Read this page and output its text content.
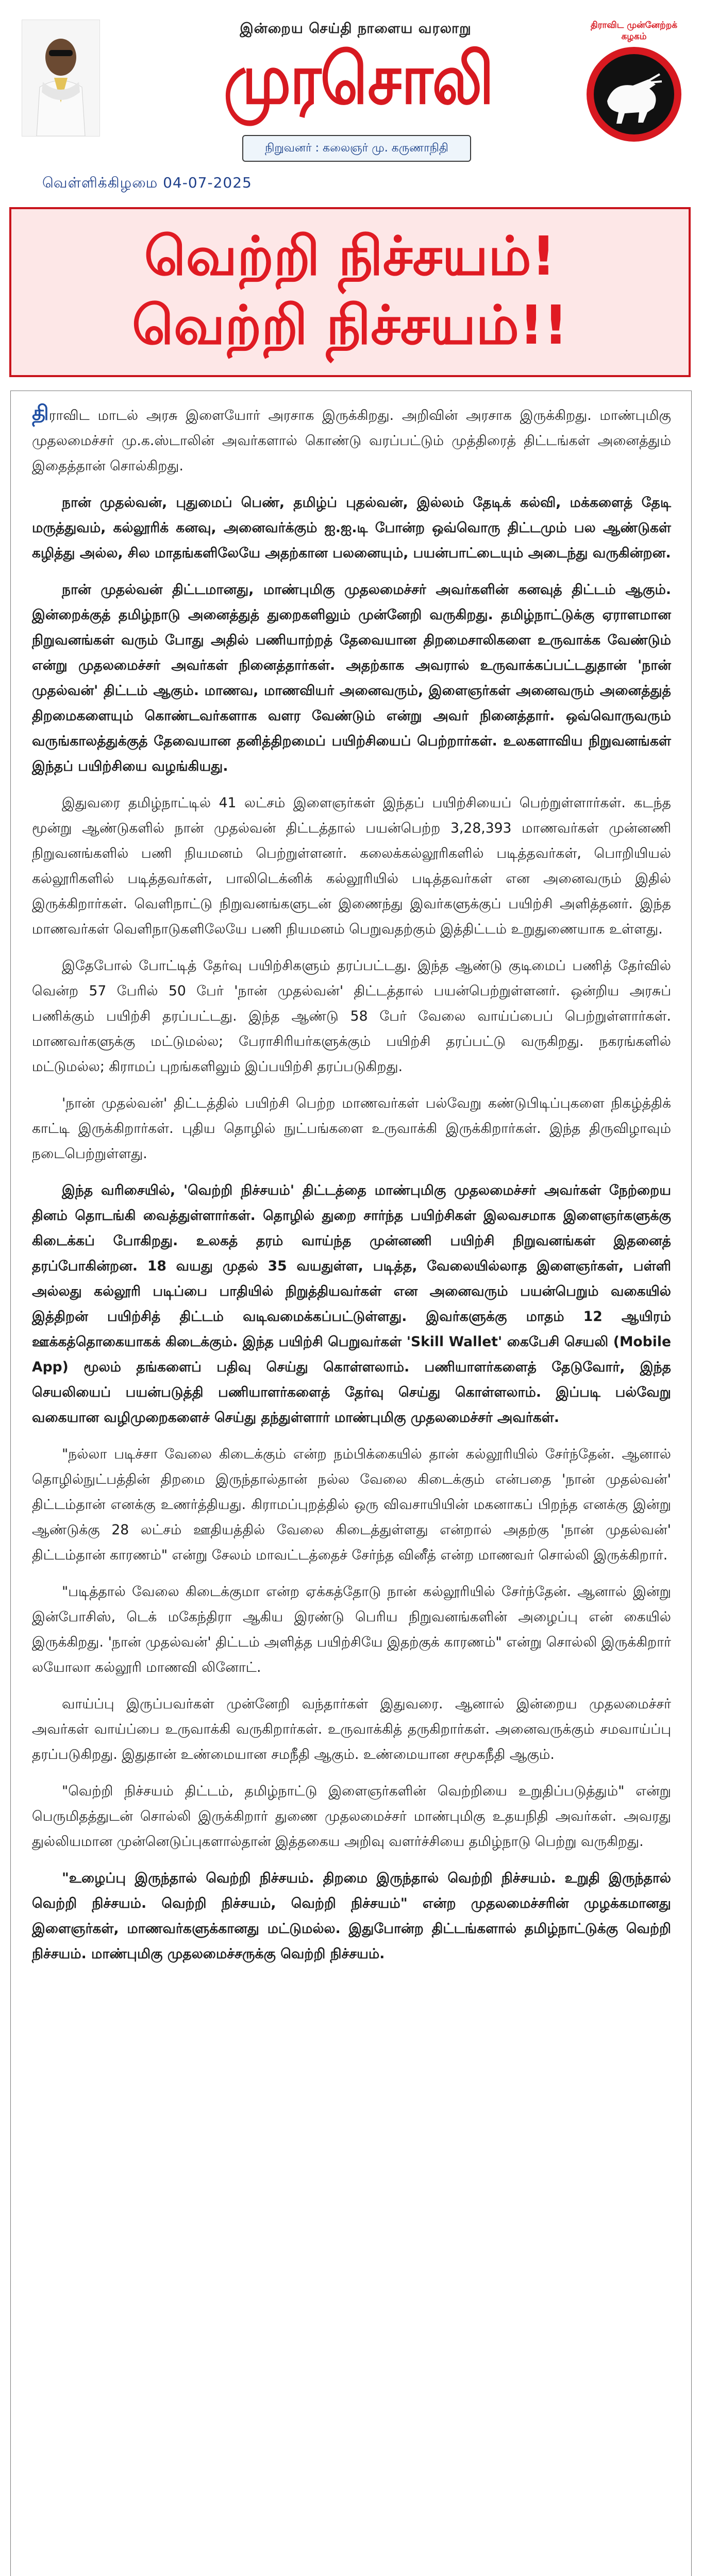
இன்றைய செய்தி நாளைய வரலாறு
முரசொலி
நிறுவனர் : கலைஞர் மு. கருணாநிதி
திராவிட முன்னேற்றக் கழகம்
வெள்ளிக்கிழமை 04-07-2025
வெற்றி நிச்சயம்!
வெற்றி நிச்சயம்!!

திராவிட மாடல் அரசு இளையோர் அரசாக இருக்கிறது. அறிவின் அரசாக இருக்கிறது. மாண்புமிகு முதலமைச்சர் மு.க.ஸ்டாலின் அவர்களால் கொண்டு வரப்பட்டும் முத்திரைத் திட்டங்கள் அனைத்தும் இதைத்தான் சொல்கிறது.

நான் முதல்வன், புதுமைப் பெண், தமிழ்ப் புதல்வன், இல்லம் தேடிக் கல்வி, மக்களைத் தேடி மருத்துவம், கல்லூரிக் கனவு, அனைவர்க்கும் ஐ.ஐ.டி போன்ற ஒவ்வொரு திட்டமும் பல ஆண்டுகள் கழித்து அல்ல, சில மாதங்களிலேயே அதற்கான பலனையும், பயன்பாட்டையும் அடைந்து வருகின்றன.

நான் முதல்வன் திட்டமானது, மாண்புமிகு முதலமைச்சர் அவர்களின் கனவுத் திட்டம் ஆகும். இன்றைக்குத் தமிழ்நாடு அனைத்துத் துறைகளிலும் முன்னேறி வருகிறது. தமிழ்நாட்டுக்கு ஏராளமான நிறுவனங்கள் வரும் போது அதில் பணியாற்றத் தேவையான திறமைசாலிகளை உருவாக்க வேண்டும் என்று முதலமைச்சர் அவர்கள் நினைத்தார்கள். அதற்காக அவரால் உருவாக்கப்பட்டதுதான் 'நான் முதல்வன்' திட்டம் ஆகும். மாணவ, மாணவியர் அனைவரும், இளைஞர்கள் அனைவரும் அனைத்துத் திறமைகளையும் கொண்டவர்களாக வளர வேண்டும் என்று அவர் நினைத்தார். ஒவ்வொருவரும் வருங்காலத்துக்குத் தேவையான தனித்திறமைப் பயிற்சியைப் பெற்றார்கள். உலகளாவிய நிறுவனங்கள் இந்தப் பயிற்சியை வழங்கியது.

இதுவரை தமிழ்நாட்டில் 41 லட்சம் இளைஞர்கள் இந்தப் பயிற்சியைப் பெற்றுள்ளார்கள். கடந்த மூன்று ஆண்டுகளில் நான் முதல்வன் திட்டத்தால் பயன்பெற்ற 3,28,393 மாணவர்கள் முன்னணி நிறுவனங்களில் பணி நியமனம் பெற்றுள்ளனர். கலைக்கல்லூரிகளில் படித்தவர்கள், பொறியியல் கல்லூரிகளில் படித்தவர்கள், பாலிடெக்னிக் கல்லூரியில் படித்தவர்கள் என அனைவரும் இதில் இருக்கிறார்கள். வெளிநாட்டு நிறுவனங்களுடன் இணைந்து இவர்களுக்குப் பயிற்சி அளித்தனர். இந்த மாணவர்கள் வெளிநாடுகளிலேயே பணி நியமனம் பெறுவதற்கும் இத்திட்டம் உறுதுணையாக உள்ளது.

இதேபோல் போட்டித் தேர்வு பயிற்சிகளும் தரப்பட்டது. இந்த ஆண்டு குடிமைப் பணித் தேர்வில் வென்ற 57 பேரில் 50 பேர் 'நான் முதல்வன்' திட்டத்தால் பயன்பெற்றுள்ளனர். ஒன்றிய அரசுப் பணிக்கும் பயிற்சி தரப்பட்டது. இந்த ஆண்டு 58 பேர் வேலை வாய்ப்பைப் பெற்றுள்ளார்கள். மாணவர்களுக்கு மட்டுமல்ல; பேராசிரியர்களுக்கும் பயிற்சி தரப்பட்டு வருகிறது. நகரங்களில் மட்டுமல்ல; கிராமப் புறங்களிலும் இப்பயிற்சி தரப்படுகிறது.

'நான் முதல்வன்' திட்டத்தில் பயிற்சி பெற்ற மாணவர்கள் பல்வேறு கண்டுபிடிப்புகளை நிகழ்த்திக் காட்டி இருக்கிறார்கள். புதிய தொழில் நுட்பங்களை உருவாக்கி இருக்கிறார்கள். இந்த திருவிழாவும் நடைபெற்றுள்ளது.

இந்த வரிசையில், 'வெற்றி நிச்சயம்' திட்டத்தை மாண்புமிகு முதலமைச்சர் அவர்கள் நேற்றைய தினம் தொடங்கி வைத்துள்ளார்கள். தொழில் துறை சார்ந்த பயிற்சிகள் இலவசமாக இளைஞர்களுக்கு கிடைக்கப் போகிறது. உலகத் தரம் வாய்ந்த முன்னணி பயிற்சி நிறுவனங்கள் இதனைத் தரப்போகின்றன. 18 வயது முதல் 35 வயதுள்ள, படித்த, வேலையில்லாத இளைஞர்கள், பள்ளி அல்லது கல்லூரி படிப்பை பாதியில் நிறுத்தியவர்கள் என அனைவரும் பயன்பெறும் வகையில் இத்திறன் பயிற்சித் திட்டம் வடிவமைக்கப்பட்டுள்ளது. இவர்களுக்கு மாதம் 12 ஆயிரம் ஊக்கத்தொகையாகக் கிடைக்கும். இந்த பயிற்சி பெறுவர்கள் 'Skill Wallet' கைபேசி செயலி (Mobile App) மூலம் தங்களைப் பதிவு செய்து கொள்ளலாம். பணியாளர்களைத் தேடுவோர், இந்த செயலியைப் பயன்படுத்தி பணியாளர்களைத் தேர்வு செய்து கொள்ளலாம். இப்படி பல்வேறு வகையான வழிமுறைகளைச் செய்து தந்துள்ளார் மாண்புமிகு முதலமைச்சர் அவர்கள்.

"நல்லா படிச்சா வேலை கிடைக்கும் என்ற நம்பிக்கையில் தான் கல்லூரியில் சேர்ந்தேன். ஆனால் தொழில்நுட்பத்தின் திறமை இருந்தால்தான் நல்ல வேலை கிடைக்கும் என்பதை 'நான் முதல்வன்' திட்டம்தான் எனக்கு உணர்த்தியது. கிராமப்புறத்தில் ஒரு விவசாயியின் மகனாகப் பிறந்த எனக்கு இன்று ஆண்டுக்கு 28 லட்சம் ஊதியத்தில் வேலை கிடைத்துள்ளது என்றால் அதற்கு 'நான் முதல்வன்' திட்டம்தான் காரணம்" என்று சேலம் மாவட்டத்தைச் சேர்ந்த வினீத் என்ற மாணவர் சொல்லி இருக்கிறார்.

"படித்தால் வேலை கிடைக்குமா என்ற ஏக்கத்தோடு நான் கல்லூரியில் சேர்ந்தேன். ஆனால் இன்று இன்போசிஸ், டெக் மகேந்திரா ஆகிய இரண்டு பெரிய நிறுவனங்களின் அழைப்பு என் கையில் இருக்கிறது. 'நான் முதல்வன்' திட்டம் அளித்த பயிற்சியே இதற்குக் காரணம்" என்று சொல்லி இருக்கிறார் லயோலா கல்லூரி மாணவி லினோட்.

வாய்ப்பு இருப்பவர்கள் முன்னேறி வந்தார்கள் இதுவரை. ஆனால் இன்றைய முதலமைச்சர் அவர்கள் வாய்ப்பை உருவாக்கி வருகிறார்கள். உருவாக்கித் தருகிறார்கள். அனைவருக்கும் சமவாய்ப்பு தரப்படுகிறது. இதுதான் உண்மையான சமநீதி ஆகும். உண்மையான சமூகநீதி ஆகும்.

"வெற்றி நிச்சயம் திட்டம், தமிழ்நாட்டு இளைஞர்களின் வெற்றியை உறுதிப்படுத்தும்" என்று பெருமிதத்துடன் சொல்லி இருக்கிறார் துணை முதலமைச்சர் மாண்புமிகு உதயநிதி அவர்கள். அவரது துல்லியமான முன்னெடுப்புகளால்தான் இத்தகைய அறிவு வளர்ச்சியை தமிழ்நாடு பெற்று வருகிறது.

"உழைப்பு இருந்தால் வெற்றி நிச்சயம். திறமை இருந்தால் வெற்றி நிச்சயம். உறுதி இருந்தால் வெற்றி நிச்சயம். வெற்றி நிச்சயம், வெற்றி நிச்சயம்" என்ற முதலமைச்சரின் முழக்கமானது இளைஞர்கள், மாணவர்களுக்கானது மட்டுமல்ல. இதுபோன்ற திட்டங்களால் தமிழ்நாட்டுக்கு வெற்றி நிச்சயம். மாண்புமிகு முதலமைச்சருக்கு வெற்றி நிச்சயம்.
